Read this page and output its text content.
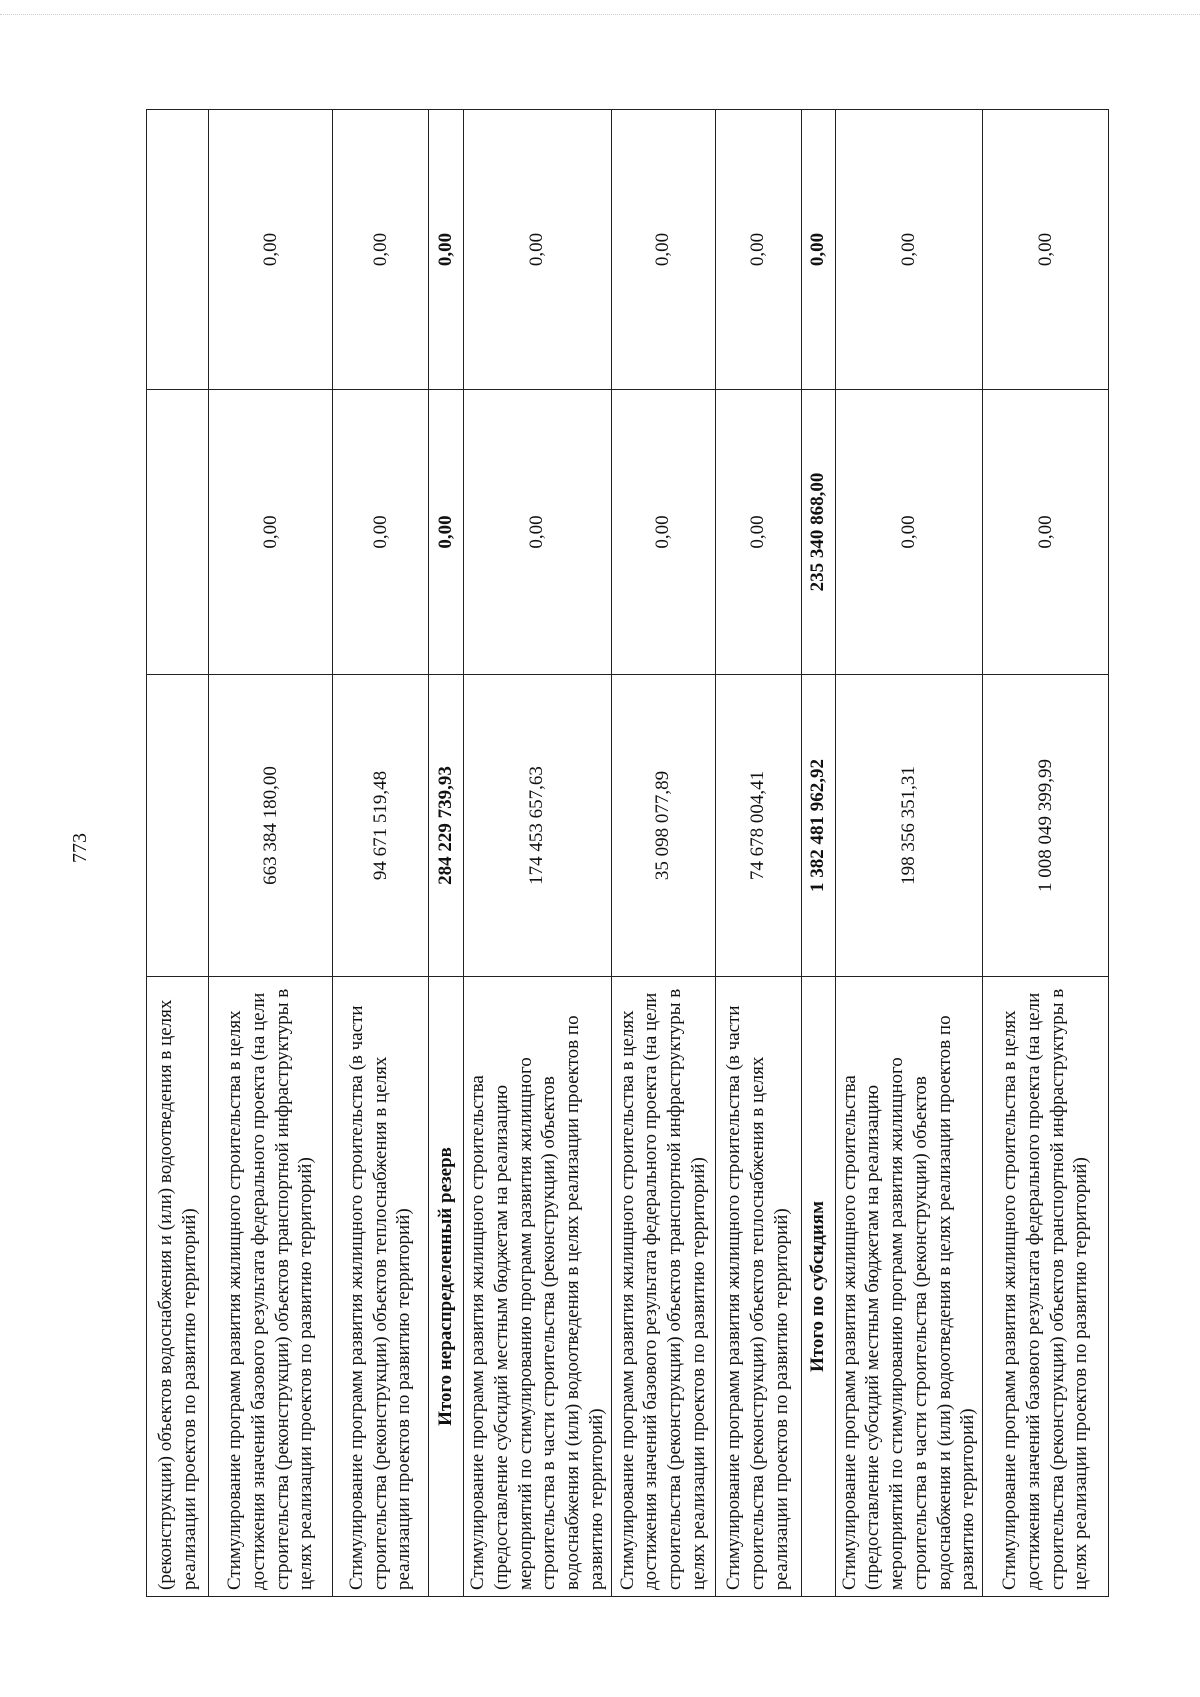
773
(реконструкции) объектов водоснабжения и (или) водоотведения в целях реализации проектов по развитию территорий)			
Стимулирование программ развития жилищного строительства в целях достижения значений базового результата федерального проекта (на цели строительства (реконструкции) объектов транспортной инфраструктуры в целях реализации проектов по развитию территорий)	663 384 180,00	0,00	0,00
Стимулирование программ развития жилищного строительства (в части строительства (реконструкции) объектов теплоснабжения в целях реализации проектов по развитию территорий)	94 671 519,48	0,00	0,00
Итого нераспределенный резерв	284 229 739,93	0,00	0,00
Стимулирование программ развития жилищного строительства (предоставление субсидий местным бюджетам на реализацию мероприятий по стимулированию программ развития жилищного строительства в части строительства (реконструкции) объектов водоснабжения и (или) водоотведения в целях реализации проектов по развитию территорий)	174 453 657,63	0,00	0,00
Стимулирование программ развития жилищного строительства в целях достижения значений базового результата федерального проекта (на цели строительства (реконструкции) объектов транспортной инфраструктуры в целях реализации проектов по развитию территорий)	35 098 077,89	0,00	0,00
Стимулирование программ развития жилищного строительства (в части строительства (реконструкции) объектов теплоснабжения в целях реализации проектов по развитию территорий)	74 678 004,41	0,00	0,00
Итого по субсидиям	1 382 481 962,92	235 340 868,00	0,00
Стимулирование программ развития жилищного строительства (предоставление субсидий местным бюджетам на реализацию мероприятий по стимулированию программ развития жилищного строительства в части строительства (реконструкции) объектов водоснабжения и (или) водоотведения в целях реализации проектов по развитию территорий)	198 356 351,31	0,00	0,00
Стимулирование программ развития жилищного строительства в целях достижения значений базового результата федерального проекта (на цели строительства (реконструкции) объектов транспортной инфраструктуры в целях реализации проектов по развитию территорий)	1 008 049 399,99	0,00	0,00
